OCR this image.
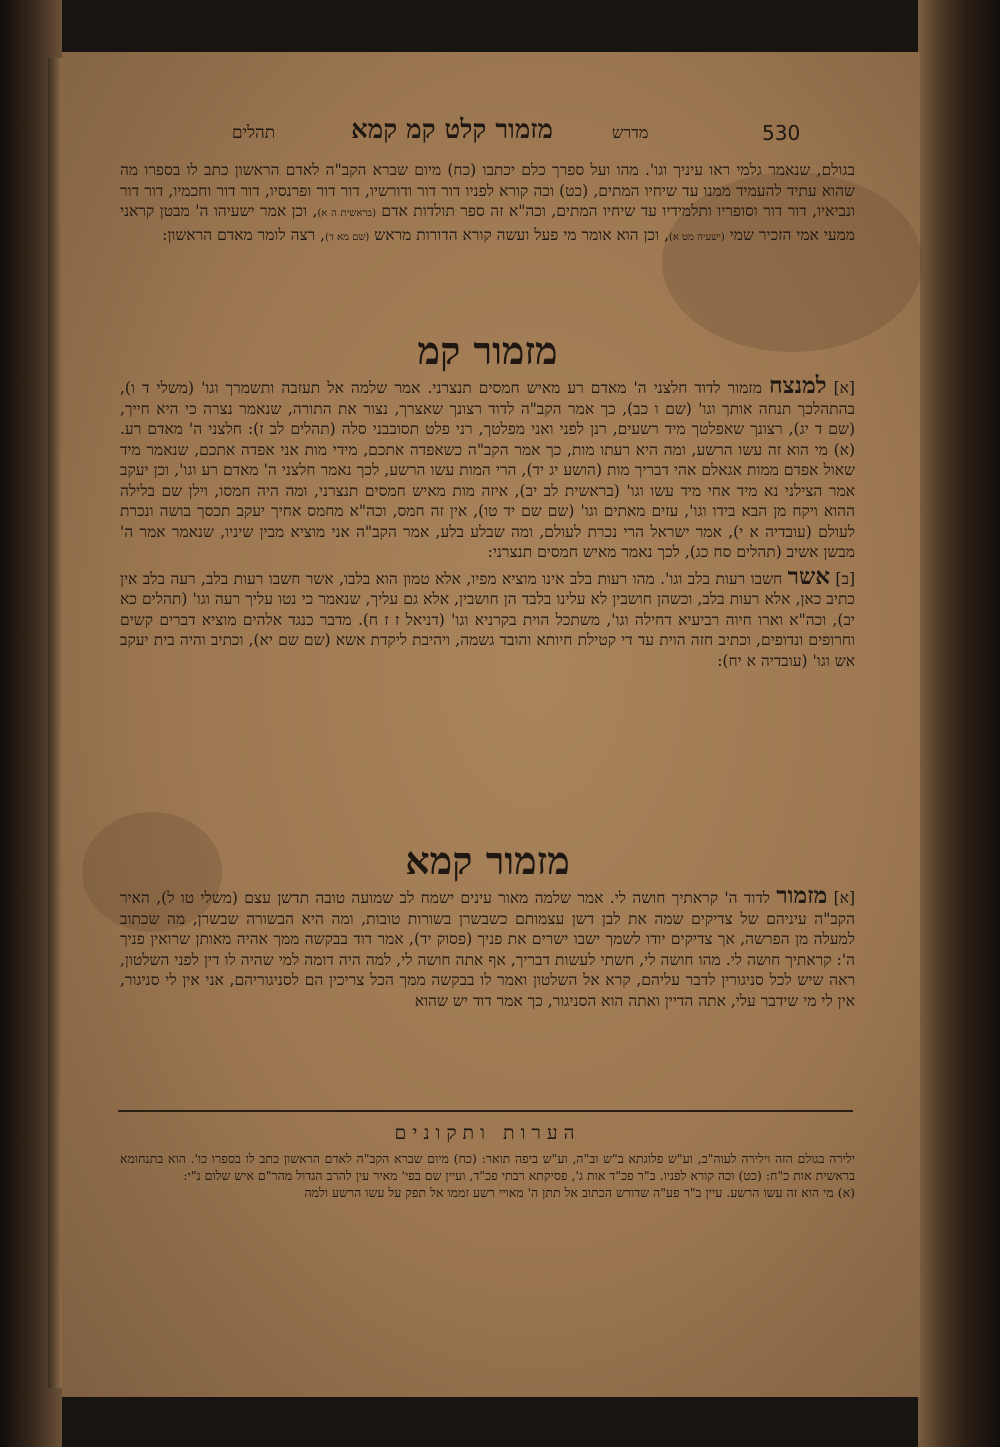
530
מדרש
מזמור קלט קמ קמא
תהלים

בגולם, שנאמר גלמי ראו עיניך וגו'. מהו ועל ספרך כלם יכתבו (כח) מיום שברא הקב"ה לאדם הראשון כתב לו בספרו מה שהוא עתיד להעמיד ממנו עד שיחיו המתים, (כט) וכה קורא לפניו דור דור ודורשיו, דור דור ופרנסיו, דור דור וחכמיו, דור דור ונביאיו, דור דור וסופריו ותלמידיו עד שיחיו המתים, וכה"א זה ספר תולדות אדם (בראשית ה א), וכן אמר ישעיהו ה' מבטן קראני ממעי אמי הזכיר שמי (ישעיה מט א), וכן הוא אומר מי פעל ועשה קורא הדורות מראש (שם מא ד), רצה לומר מאדם הראשון:

מזמור קמ

[א] למנצח מזמור לדוד חלצני ה' מאדם רע מאיש חמסים תנצרני. אמר שלמה אל תעזבה ותשמרך וגו' (משלי ד ו), בהתהלכך תנחה אותך וגו' (שם ו כב), כך אמר הקב"ה לדוד רצונך שאצרך, נצור את התורה, שנאמר נצרה כי היא חייך, (שם ד יג), רצונך שאפלטך מיד רשעים, רנן לפני ואני מפלטך, רני פלט תסובבני סלה (תהלים לב ז): חלצני ה' מאדם רע. (א) מי הוא זה עשו הרשע, ומה היא רעתו מות, כך אמר הקב"ה כשאפדה אתכם, מידי מות אני אפדה אתכם, שנאמר מיד שאול אפדם ממות אגאלם אהי דבריך מות (הושע יג יד), הרי המות עשו הרשע, לכך נאמר חלצני ה' מאדם רע וגו', וכן יעקב אמר הצילני נא מיד אחי מיד עשו וגו' (בראשית לב יב), איזה מות מאיש חמסים תנצרני, ומה היה חמסו, וילן שם בלילה ההוא ויקח מן הבא בידו וגו', עזים מאתים וגו' (שם שם יד טו), אין זה חמס, וכה"א מחמס אחיך יעקב תכסך בושה ונכרת לעולם (עובדיה א י), אמר ישראל הרי נכרת לעולם, ומה שבלע בלע, אמר הקב"ה אני מוציא מבין שיניו, שנאמר אמר ה' מבשן אשיב (תהלים סח כג), לכך נאמר מאיש חמסים תנצרני:

[ב] אשר חשבו רעות בלב וגו'. מהו רעות בלב אינו מוציא מפיו, אלא טמון הוא בלבו, אשר חשבו רעות בלב, רעה בלב אין כתיב כאן, אלא רעות בלב, וכשהן חושבין לא עלינו בלבד הן חושבין, אלא גם עליך, שנאמר כי נטו עליך רעה וגו' (תהלים כא יב), וכה"א וארו חיוה רביעיא דחילה וגו', משתכל הוית בקרניא וגו' (דניאל ז ז ח). מדבר כנגד אלהים מוציא דברים קשים וחרופים ונדופים, וכתיב חזה הוית עד די קטילת חיותא והובד גשמה, ויהיבת ליקדת אשא (שם שם יא), וכתיב והיה בית יעקב אש וגו' (עובדיה א יח):

מזמור קמא

[א] מזמור לדוד ה' קראתיך חושה לי. אמר שלמה מאור עינים ישמח לב שמועה טובה תדשן עצם (משלי טו ל), האיר הקב"ה עיניהם של צדיקים שמה את לבן דשן עצמותם כשבשרן בשורות טובות, ומה היא הבשורה שבשרן, מה שכתוב למעלה מן הפרשה, אך צדיקים יודו לשמך ישבו ישרים את פניך (פסוק יד), אמר דוד בבקשה ממך אהיה מאותן שרואין פניך ה': קראתיך חושה לי. מהו חושה לי, חשתי לעשות דבריך, אף אתה חושה לי, למה היה דומה למי שהיה לו דין לפני השלטון, ראה שיש לכל סניגורין לדבר עליהם, קרא אל השלטון ואמר לו בבקשה ממך הכל צריכין הם לסניגוריהם, אני אין לי סניגור, אין לי מי שידבר עלי, אתה הדיין ואתה הוא הסניגור, כך אמר דוד יש שהוא

הערות ותקונים

ילירה בגולם הזה וילירה לעוה"ב, וע"ש פלוגתא ב"ש וב"ה, וע"ש ביפה תואר: (כח) מיום שברא הקב"ה לאדם הראשון כתב לו בספרו כו'. הוא בתנחומא בראשית אות כ"ח: (כט) וכה קורא לפניו. ב"ר פכ"ד אות ג', פסיקתא רבתי פכ"ד, ועיין שם בפי' מאיר עין להרב הגדול מהר"ם איש שלום נ"י:

(א) מי הוא זה עשו הרשע. עיין ב"ר פע"ה שדורש הכתוב אל תתן ה' מאויי רשע זממו אל תפק על עשו הרשע ולמה
